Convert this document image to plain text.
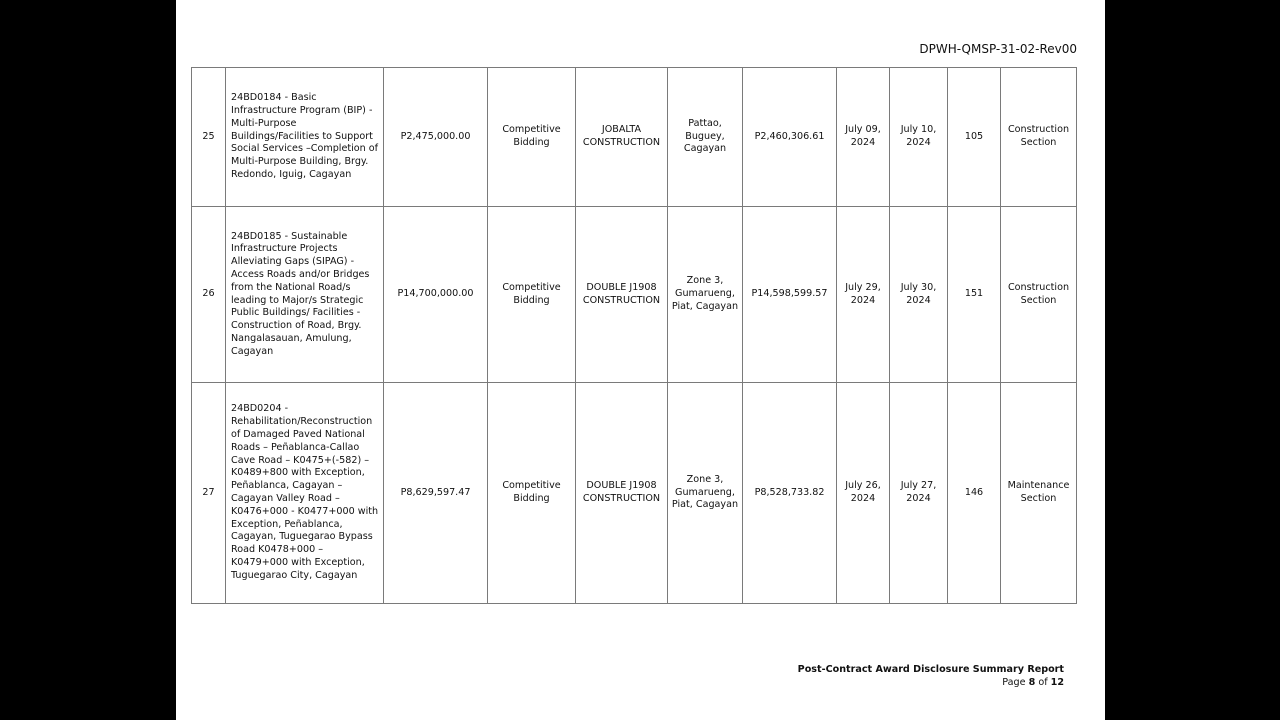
DPWH-QMSP-31-02-Rev00
25	24BD0184 - Basic Infrastructure Program (BIP) - Multi-Purpose Buildings/Facilities to Support Social Services –Completion of Multi-Purpose Building, Brgy. Redondo, Iguig, Cagayan	P2,475,000.00	Competitive Bidding	JOBALTA CONSTRUCTION	Pattao, Buguey, Cagayan	P2,460,306.61	July 09, 2024	July 10, 2024	105	Construction Section
26	24BD0185 - Sustainable Infrastructure Projects Alleviating Gaps (SIPAG) - Access Roads and/or Bridges from the National Road/s leading to Major/s Strategic Public Buildings/ Facilities - Construction of Road, Brgy. Nangalasauan, Amulung, Cagayan	P14,700,000.00	Competitive Bidding	DOUBLE J1908 CONSTRUCTION	Zone 3, Gumarueng, Piat, Cagayan	P14,598,599.57	July 29, 2024	July 30, 2024	151	Construction Section
27	24BD0204 - Rehabilitation/Reconstruction of Damaged Paved National Roads – Peñablanca-Callao Cave Road – K0475+(-582) – K0489+800 with Exception, Peñablanca, Cagayan – Cagayan Valley Road – K0476+000 - K0477+000 with Exception, Peñablanca, Cagayan, Tuguegarao Bypass Road K0478+000 – K0479+000 with Exception, Tuguegarao City, Cagayan	P8,629,597.47	Competitive Bidding	DOUBLE J1908 CONSTRUCTION	Zone 3, Gumarueng, Piat, Cagayan	P8,528,733.82	July 26, 2024	July 27, 2024	146	Maintenance Section
Post-Contract Award Disclosure Summary Report
Page 8 of 12
